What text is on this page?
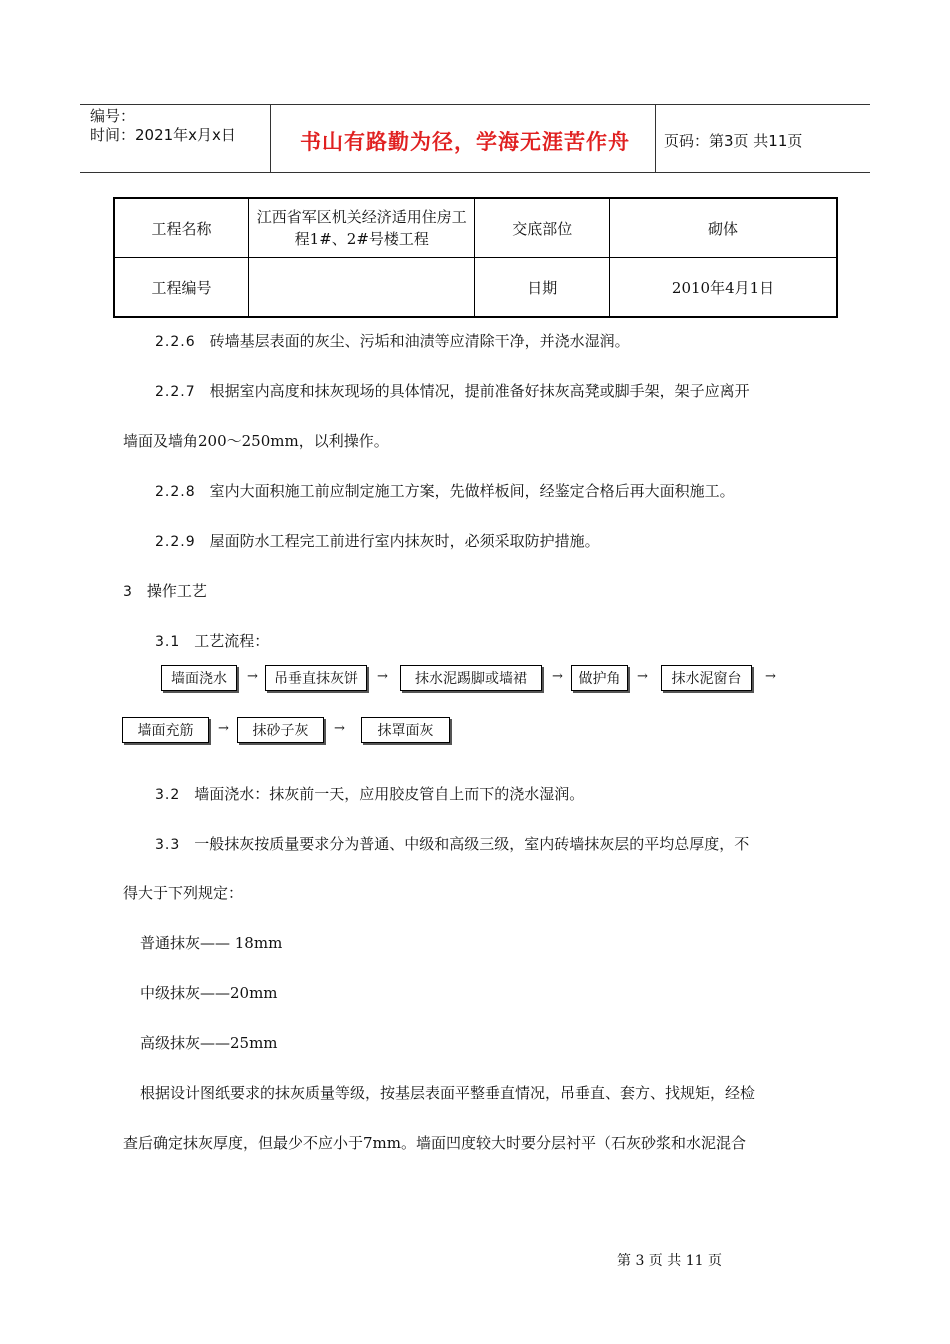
编号：
时间：2021年x月x日	书山有路勤为径，学海无涯苦作舟 页码：第3页 共11页
工程名称	江西省军区机关经济适用住房工程1#、2#号楼工程	交底部位	砌体
工程编号		日期	2010年4月1日
2.2.6 砖墙基层表面的灰尘、污垢和油渍等应清除干净，并浇水湿润。
2.2.7 根据室内高度和抹灰现场的具体情况，提前准备好抹灰高凳或脚手架，架子应离开
墙面及墙角200～250mm，以利操作。
2.2.8 室内大面积施工前应制定施工方案，先做样板间，经鉴定合格后再大面积施工。
2.2.9 屋面防水工程完工前进行室内抹灰时，必须采取防护措施。
3 操作工艺
3.1 工艺流程：
墙面浇水	→	吊垂直抹灰饼	→	抹水泥踢脚或墙裙	→	做护角	→	抹水泥窗台	→
墙面充筋	→	抹砂子灰	→	抹罩面灰
3.2 墙面浇水：抹灰前一天，应用胶皮管自上而下的浇水湿润。
3.3 一般抹灰按质量要求分为普通、中级和高级三级，室内砖墙抹灰层的平均总厚度，不
得大于下列规定：
普通抹灰—— 18mm
中级抹灰——20mm
高级抹灰——25mm
根据设计图纸要求的抹灰质量等级，按基层表面平整垂直情况，吊垂直、套方、找规矩，经检
查后确定抹灰厚度，但最少不应小于7mm。墙面凹度较大时要分层衬平（石灰砂浆和水泥混合
第 3 页 共 11 页
